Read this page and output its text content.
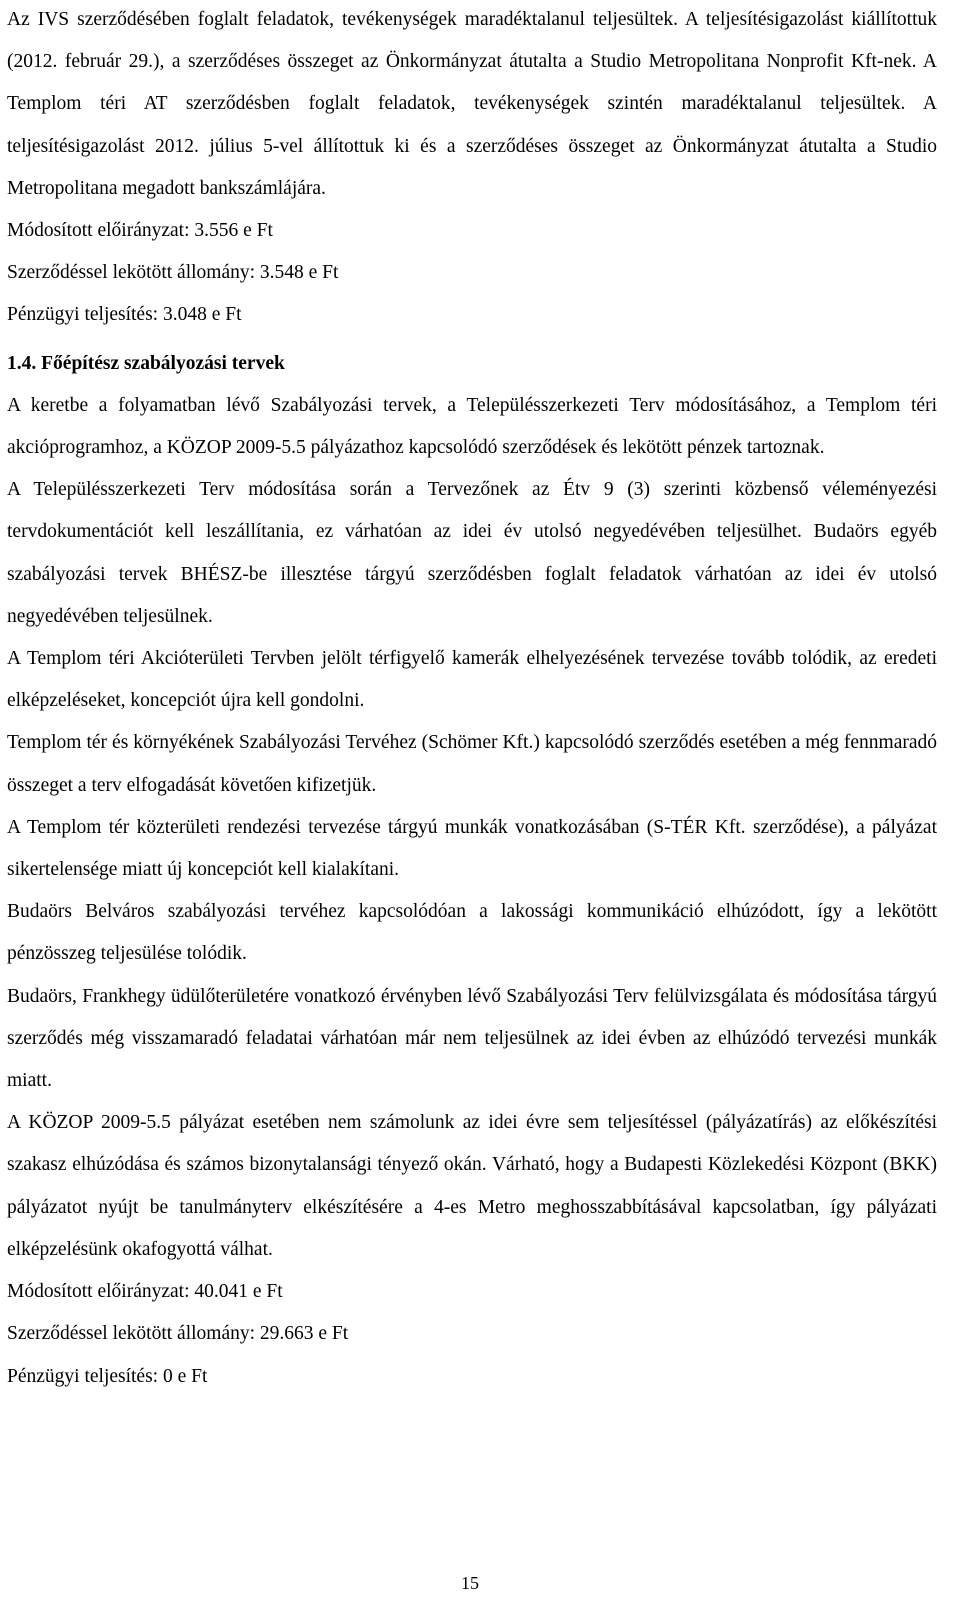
Az IVS szerződésében foglalt feladatok, tevékenységek maradéktalanul teljesültek. A teljesítésigazolást kiállítottuk (2012. február 29.), a szerződéses összeget az Önkormányzat átutalta a Studio Metropolitana Nonprofit Kft-nek. A Templom téri AT szerződésben foglalt feladatok, tevékenységek szintén maradéktalanul teljesültek. A teljesítésigazolást 2012. július 5-vel állítottuk ki és a szerződéses összeget az Önkormányzat átutalta a Studio Metropolitana megadott bankszámlájára.

Módosított előirányzat: 3.556 e Ft

Szerződéssel lekötött állomány: 3.548 e Ft

Pénzügyi teljesítés: 3.048 e Ft

1.4. Főépítész szabályozási tervek

A keretbe a folyamatban lévő Szabályozási tervek, a Településszerkezeti Terv módosításához, a Templom téri akcióprogramhoz, a KÖZOP 2009-5.5 pályázathoz kapcsolódó szerződések és lekötött pénzek tartoznak.

A Településszerkezeti Terv módosítása során a Tervezőnek az Étv 9 (3) szerinti közbenső véleményezési tervdokumentációt kell leszállítania, ez várhatóan az idei év utolsó negyedévében teljesülhet. Budaörs egyéb szabályozási tervek BHÉSZ-be illesztése tárgyú szerződésben foglalt feladatok várhatóan az idei év utolsó negyedévében teljesülnek.

A Templom téri Akcióterületi Tervben jelölt térfigyelő kamerák elhelyezésének tervezése tovább tolódik, az eredeti elképzeléseket, koncepciót újra kell gondolni.

Templom tér és környékének Szabályozási Tervéhez (Schömer Kft.) kapcsolódó szerződés esetében a még fennmaradó összeget a terv elfogadását követően kifizetjük.

A Templom tér közterületi rendezési tervezése tárgyú munkák vonatkozásában (S-TÉR Kft. szerződése), a pályázat sikertelensége miatt új koncepciót kell kialakítani.

Budaörs Belváros szabályozási tervéhez kapcsolódóan a lakossági kommunikáció elhúzódott, így a lekötött pénzösszeg teljesülése tolódik.

Budaörs, Frankhegy üdülőterületére vonatkozó érvényben lévő Szabályozási Terv felülvizsgálata és módosítása tárgyú szerződés még visszamaradó feladatai várhatóan már nem teljesülnek az idei évben az elhúzódó tervezési munkák miatt.

A KÖZOP 2009-5.5 pályázat esetében nem számolunk az idei évre sem teljesítéssel (pályázatírás) az előkészítési szakasz elhúzódása és számos bizonytalansági tényező okán. Várható, hogy a Budapesti Közlekedési Központ (BKK) pályázatot nyújt be tanulmányterv elkészítésére a 4-es Metro meghosszabbításával kapcsolatban, így pályázati elképzelésünk okafogyottá válhat.

Módosított előirányzat: 40.041 e Ft

Szerződéssel lekötött állomány: 29.663 e Ft

Pénzügyi teljesítés: 0 e Ft

15
